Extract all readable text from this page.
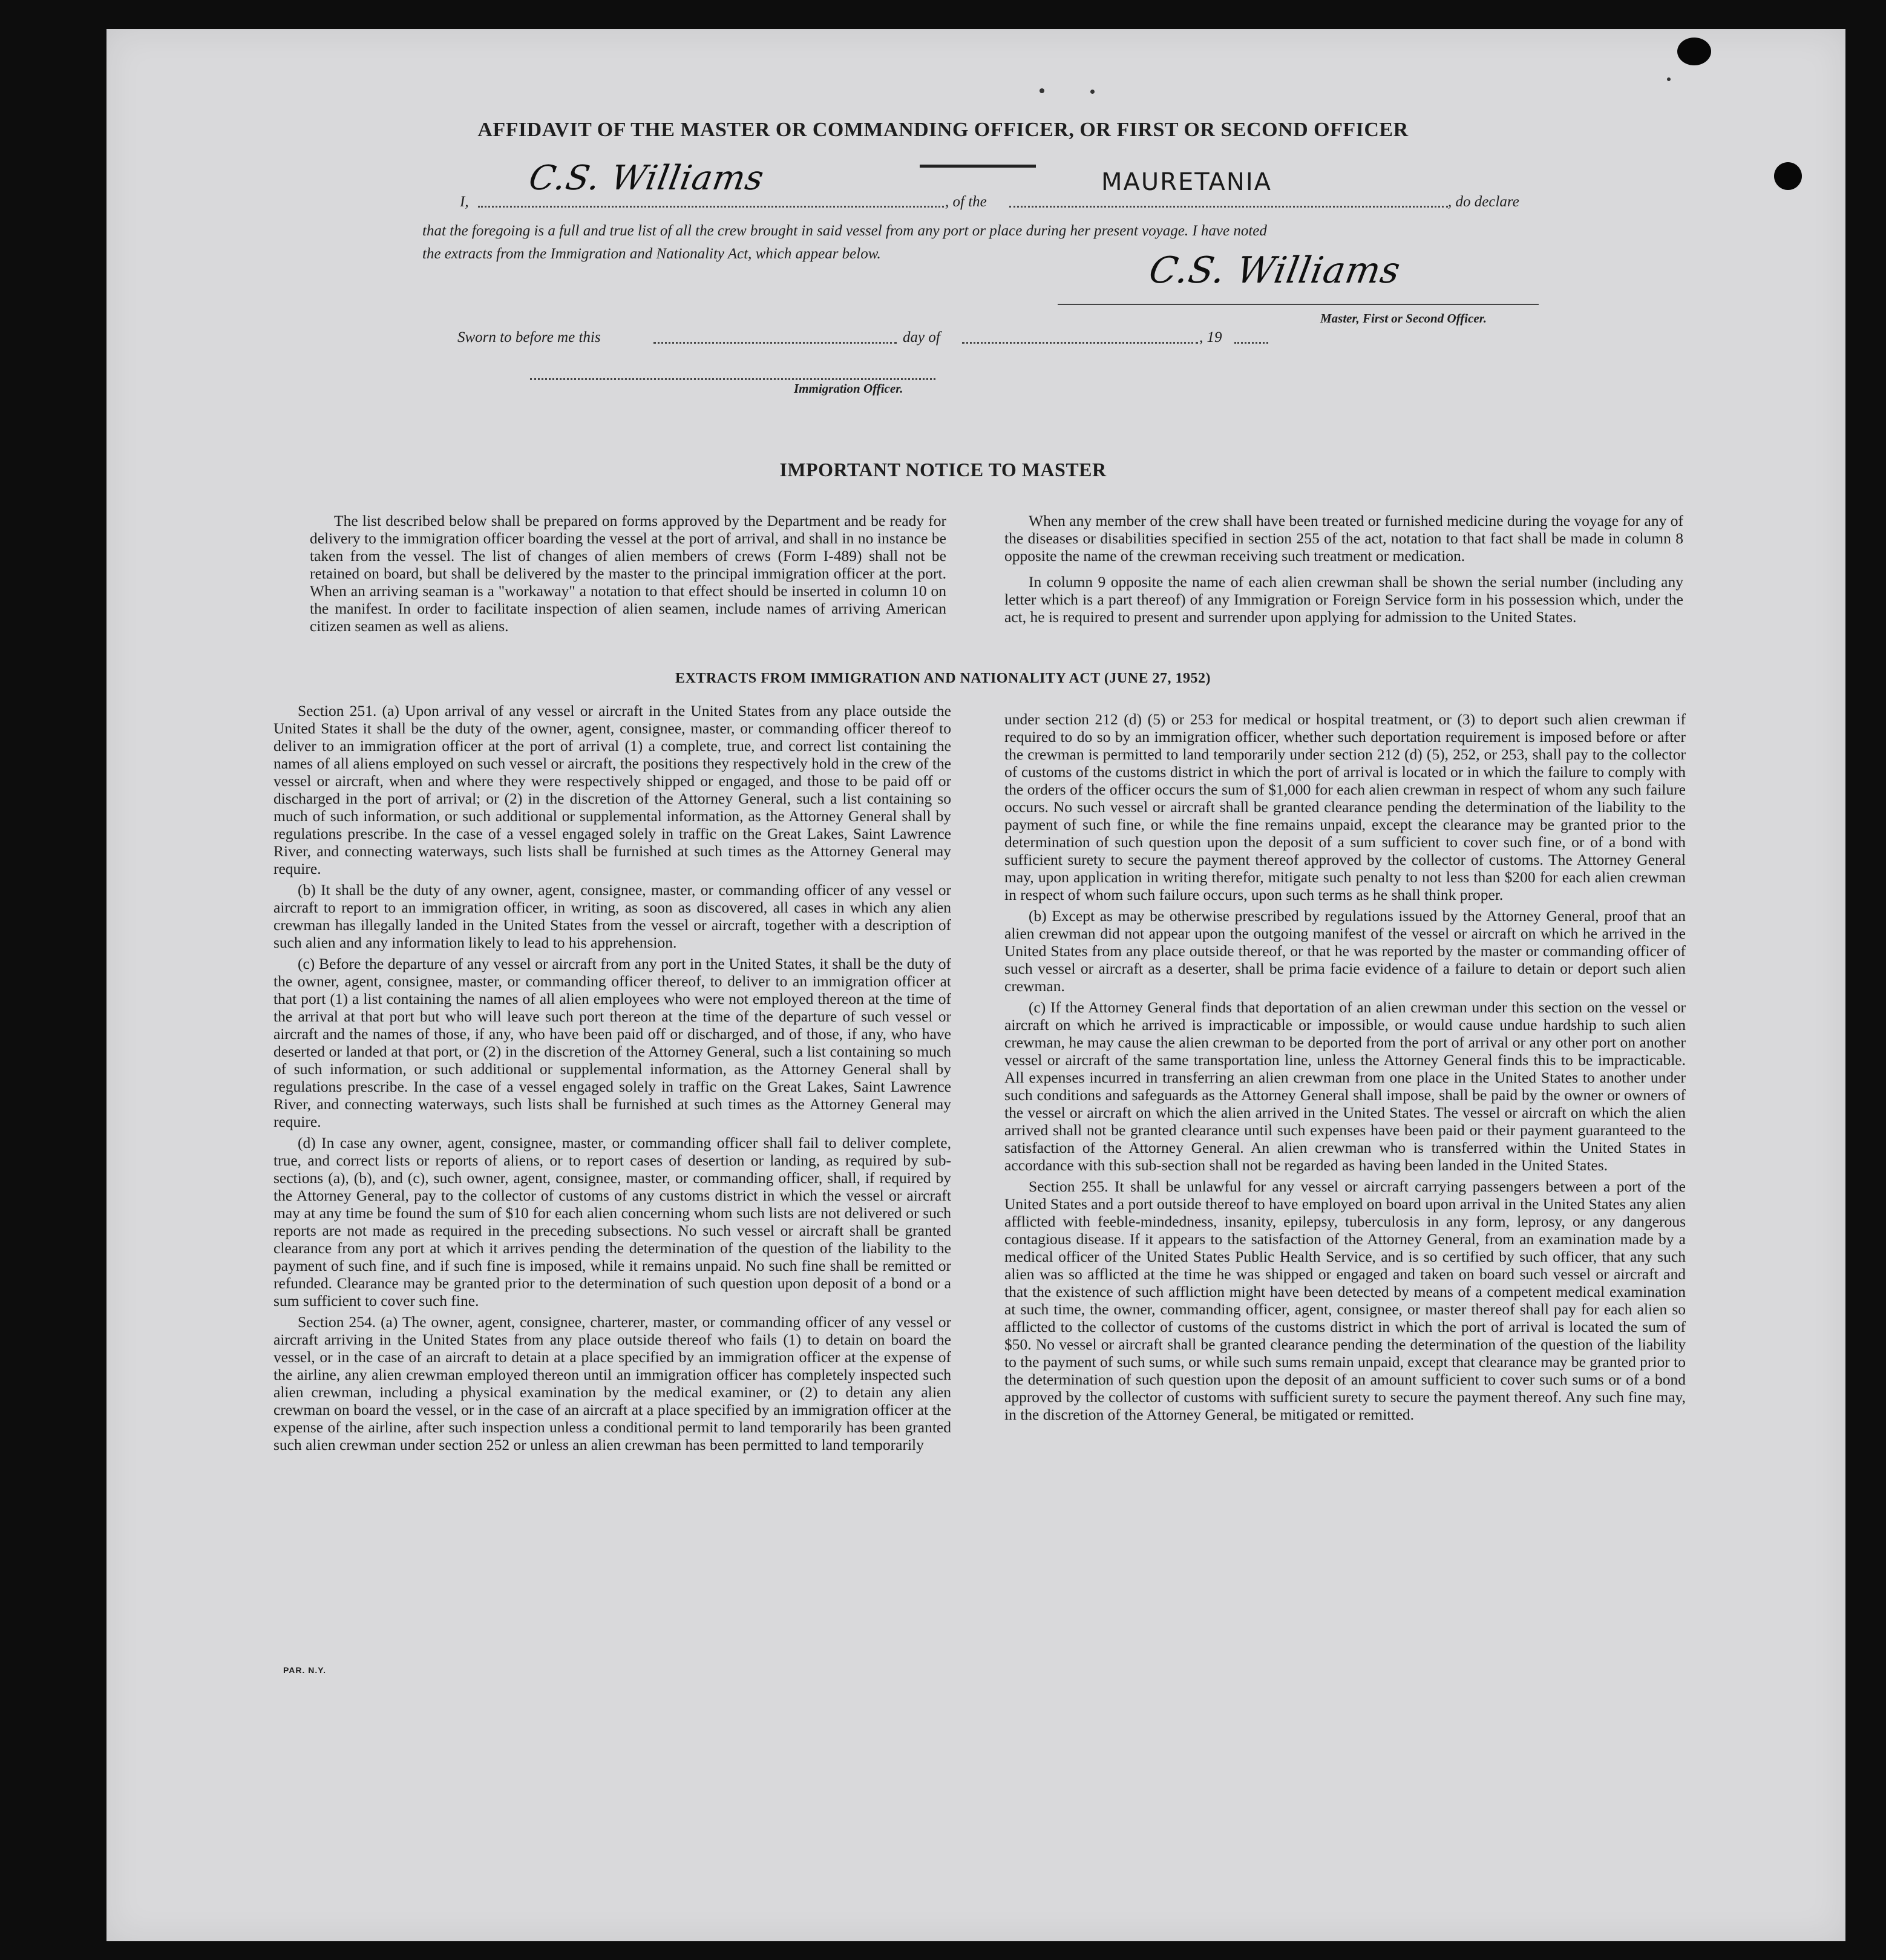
AFFIDAVIT OF THE MASTER OR COMMANDING OFFICER, OR FIRST OR SECOND OFFICER
I,
C.S. Williams
, of the
MAURETANIA
, do declare
that the foregoing is a full and true list of all the crew brought in said vessel from any port or place during her present voyage. I have noted
the extracts from the Immigration and Nationality Act, which appear below.	C.S. Williams
Master, First or Second Officer.
Sworn to before me this	day of	, 19
Immigration Officer.
IMPORTANT NOTICE TO MASTER

The list described below shall be prepared on forms approved by the Department and be ready for delivery to the immigration officer boarding the vessel at the port of arrival, and shall in no instance be taken from the vessel. The list of changes of alien members of crews (Form I-489) shall not be retained on board, but shall be delivered by the master to the principal immigration officer at the port. When an arriving seaman is a "workaway" a notation to that effect should be inserted in column 10 on the manifest. In order to facilitate inspection of alien seamen, include names of arriving American citizen seamen as well as aliens.

When any member of the crew shall have been treated or furnished medicine during the voyage for any of the diseases or disabilities specified in section 255 of the act, notation to that fact shall be made in column 8 opposite the name of the crewman receiving such treatment or medication.

In column 9 opposite the name of each alien crewman shall be shown the serial number (including any letter which is a part thereof) of any Immigration or Foreign Service form in his possession which, under the act, he is required to present and surrender upon applying for admission to the United States.

EXTRACTS FROM IMMIGRATION AND NATIONALITY ACT (JUNE 27, 1952)

Section 251. (a) Upon arrival of any vessel or aircraft in the United States from any place outside the United States it shall be the duty of the owner, agent, consignee, master, or commanding officer thereof to deliver to an immigration officer at the port of arrival (1) a complete, true, and correct list containing the names of all aliens employed on such vessel or aircraft, the positions they respectively hold in the crew of the vessel or aircraft, when and where they were respectively shipped or engaged, and those to be paid off or discharged in the port of arrival; or (2) in the discretion of the Attorney General, such a list containing so much of such information, or such additional or supplemental information, as the Attorney General shall by regulations prescribe. In the case of a vessel engaged solely in traffic on the Great Lakes, Saint Lawrence River, and connecting waterways, such lists shall be furnished at such times as the Attorney General may require.

(b) It shall be the duty of any owner, agent, consignee, master, or commanding officer of any vessel or aircraft to report to an immigration officer, in writing, as soon as discovered, all cases in which any alien crewman has illegally landed in the United States from the vessel or aircraft, together with a description of such alien and any information likely to lead to his apprehension.

(c) Before the departure of any vessel or aircraft from any port in the United States, it shall be the duty of the owner, agent, consignee, master, or commanding officer thereof, to deliver to an immigration officer at that port (1) a list containing the names of all alien employees who were not employed thereon at the time of the arrival at that port but who will leave such port thereon at the time of the departure of such vessel or aircraft and the names of those, if any, who have been paid off or discharged, and of those, if any, who have deserted or landed at that port, or (2) in the discretion of the Attorney General, such a list containing so much of such information, or such additional or supplemental information, as the Attorney General shall by regulations prescribe. In the case of a vessel engaged solely in traffic on the Great Lakes, Saint Lawrence River, and connecting waterways, such lists shall be furnished at such times as the Attorney General may require.

(d) In case any owner, agent, consignee, master, or commanding officer shall fail to deliver complete, true, and correct lists or reports of aliens, or to report cases of desertion or landing, as required by sub-sections (a), (b), and (c), such owner, agent, consignee, master, or commanding officer, shall, if required by the Attorney General, pay to the collector of customs of any customs district in which the vessel or aircraft may at any time be found the sum of $10 for each alien concerning whom such lists are not delivered or such reports are not made as required in the preceding subsections. No such vessel or aircraft shall be granted clearance from any port at which it arrives pending the determination of the question of the liability to the payment of such fine, and if such fine is imposed, while it remains unpaid. No such fine shall be remitted or refunded. Clearance may be granted prior to the determination of such question upon deposit of a bond or a sum sufficient to cover such fine.

Section 254. (a) The owner, agent, consignee, charterer, master, or commanding officer of any vessel or aircraft arriving in the United States from any place outside thereof who fails (1) to detain on board the vessel, or in the case of an aircraft to detain at a place specified by an immigration officer at the expense of the airline, any alien crewman employed thereon until an immigration officer has completely inspected such alien crewman, including a physical examination by the medical examiner, or (2) to detain any alien crewman on board the vessel, or in the case of an aircraft at a place specified by an immigration officer at the expense of the airline, after such inspection unless a conditional permit to land temporarily has been granted such alien crewman under section 252 or unless an alien crewman has been permitted to land temporarily

under section 212 (d) (5) or 253 for medical or hospital treatment, or (3) to deport such alien crewman if required to do so by an immigration officer, whether such deportation requirement is imposed before or after the crewman is permitted to land temporarily under section 212 (d) (5), 252, or 253, shall pay to the collector of customs of the customs district in which the port of arrival is located or in which the failure to comply with the orders of the officer occurs the sum of $1,000 for each alien crewman in respect of whom any such failure occurs. No such vessel or aircraft shall be granted clearance pending the determination of the liability to the payment of such fine, or while the fine remains unpaid, except the clearance may be granted prior to the determination of such question upon the deposit of a sum sufficient to cover such fine, or of a bond with sufficient surety to secure the payment thereof approved by the collector of customs. The Attorney General may, upon application in writing therefor, mitigate such penalty to not less than $200 for each alien crewman in respect of whom such failure occurs, upon such terms as he shall think proper.

(b) Except as may be otherwise prescribed by regulations issued by the Attorney General, proof that an alien crewman did not appear upon the outgoing manifest of the vessel or aircraft on which he arrived in the United States from any place outside thereof, or that he was reported by the master or commanding officer of such vessel or aircraft as a deserter, shall be prima facie evidence of a failure to detain or deport such alien crewman.

(c) If the Attorney General finds that deportation of an alien crewman under this section on the vessel or aircraft on which he arrived is impracticable or impossible, or would cause undue hardship to such alien crewman, he may cause the alien crewman to be deported from the port of arrival or any other port on another vessel or aircraft of the same transportation line, unless the Attorney General finds this to be impracticable. All expenses incurred in transferring an alien crewman from one place in the United States to another under such conditions and safeguards as the Attorney General shall impose, shall be paid by the owner or owners of the vessel or aircraft on which the alien arrived in the United States. The vessel or aircraft on which the alien arrived shall not be granted clearance until such expenses have been paid or their payment guaranteed to the satisfaction of the Attorney General. An alien crewman who is transferred within the United States in accordance with this sub-section shall not be regarded as having been landed in the United States.

Section 255. It shall be unlawful for any vessel or aircraft carrying passengers between a port of the United States and a port outside thereof to have employed on board upon arrival in the United States any alien afflicted with feeble-mindedness, insanity, epilepsy, tuberculosis in any form, leprosy, or any dangerous contagious disease. If it appears to the satisfaction of the Attorney General, from an examination made by a medical officer of the United States Public Health Service, and is so certified by such officer, that any such alien was so afflicted at the time he was shipped or engaged and taken on board such vessel or aircraft and that the existence of such affliction might have been detected by means of a competent medical examination at such time, the owner, commanding officer, agent, consignee, or master thereof shall pay for each alien so afflicted to the collector of customs of the customs district in which the port of arrival is located the sum of $50. No vessel or aircraft shall be granted clearance pending the determination of the question of the liability to the payment of such sums, or while such sums remain unpaid, except that clearance may be granted prior to the determination of such question upon the deposit of an amount sufficient to cover such sums or of a bond approved by the collector of customs with sufficient surety to secure the payment thereof. Any such fine may, in the discretion of the Attorney General, be mitigated or remitted.

PAR. N.Y.
